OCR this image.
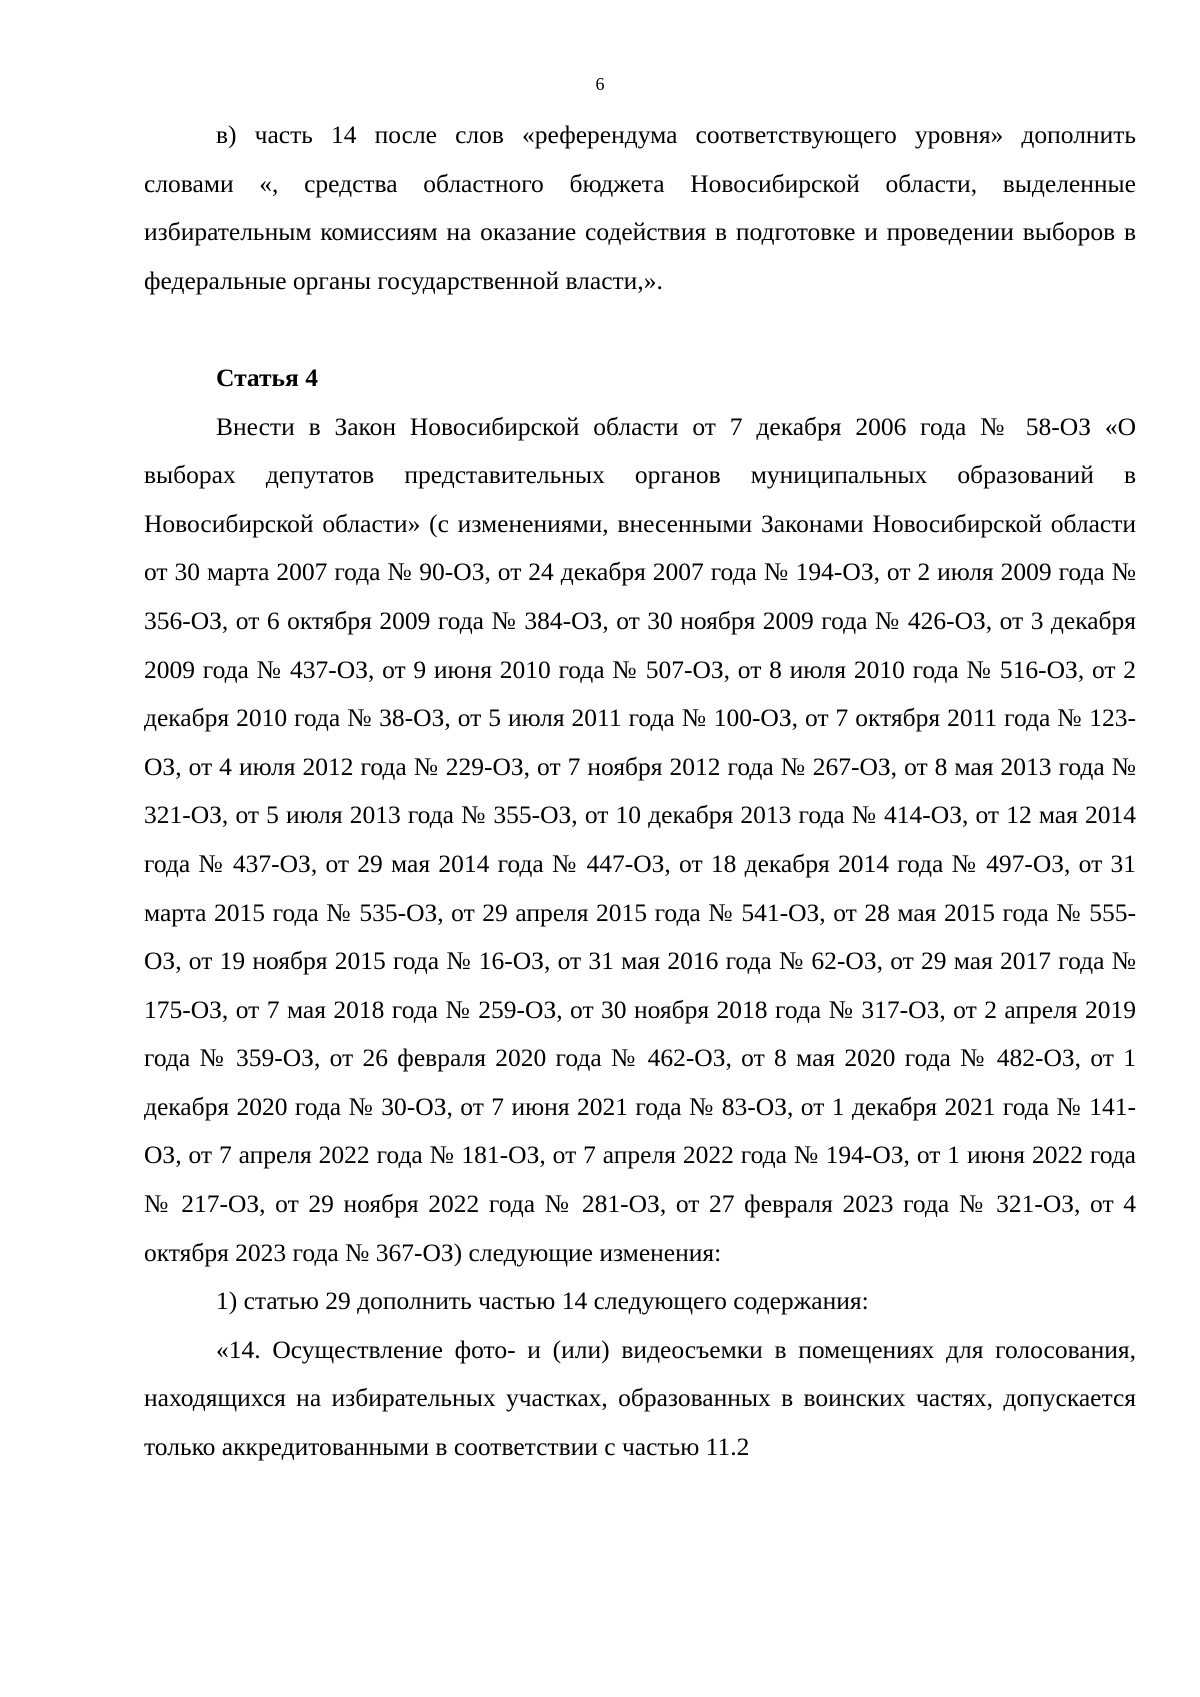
6

в) часть 14 после слов «референдума соответствующего уровня» дополнить словами «, средства областного бюджета Новосибирской области, выделенные избирательным комиссиям на оказание содействия в подготовке и проведении выборов в федеральные органы государственной власти,».

Статья 4

Внести в Закон Новосибирской области от 7 декабря 2006 года № 58-ОЗ «О выборах депутатов представительных органов муниципальных образований в Новосибирской области» (с изменениями, внесенными Законами Новосибирской области от 30 марта 2007 года № 90-ОЗ, от 24 декабря 2007 года № 194-ОЗ, от 2 июля 2009 года № 356-ОЗ, от 6 октября 2009 года № 384-ОЗ, от 30 ноября 2009 года № 426-ОЗ, от 3 декабря 2009 года № 437-ОЗ, от 9 июня 2010 года № 507-ОЗ, от 8 июля 2010 года № 516-ОЗ, от 2 декабря 2010 года № 38-ОЗ, от 5 июля 2011 года № 100-ОЗ, от 7 октября 2011 года № 123-ОЗ, от 4 июля 2012 года № 229-ОЗ, от 7 ноября 2012 года № 267-ОЗ, от 8 мая 2013 года № 321-ОЗ, от 5 июля 2013 года № 355-ОЗ, от 10 декабря 2013 года № 414-ОЗ, от 12 мая 2014 года № 437-ОЗ, от 29 мая 2014 года № 447-ОЗ, от 18 декабря 2014 года № 497-ОЗ, от 31 марта 2015 года № 535-ОЗ, от 29 апреля 2015 года № 541-ОЗ, от 28 мая 2015 года № 555-ОЗ, от 19 ноября 2015 года № 16-ОЗ, от 31 мая 2016 года № 62-ОЗ, от 29 мая 2017 года № 175-ОЗ, от 7 мая 2018 года № 259-ОЗ, от 30 ноября 2018 года № 317-ОЗ, от 2 апреля 2019 года № 359-ОЗ, от 26 февраля 2020 года № 462-ОЗ, от 8 мая 2020 года № 482-ОЗ, от 1 декабря 2020 года № 30-ОЗ, от 7 июня 2021 года № 83-ОЗ, от 1 декабря 2021 года № 141-ОЗ, от 7 апреля 2022 года № 181-ОЗ, от 7 апреля 2022 года № 194-ОЗ, от 1 июня 2022 года № 217-ОЗ, от 29 ноября 2022 года № 281-ОЗ, от 27 февраля 2023 года № 321-ОЗ, от 4 октября 2023 года № 367-ОЗ) следующие изменения:

1) статью 29 дополнить частью 14 следующего содержания:

«14. Осуществление фото- и (или) видеосъемки в помещениях для голосования, находящихся на избирательных участках, образованных в воинских частях, допускается только аккредитованными в соответствии с частью 11.2
